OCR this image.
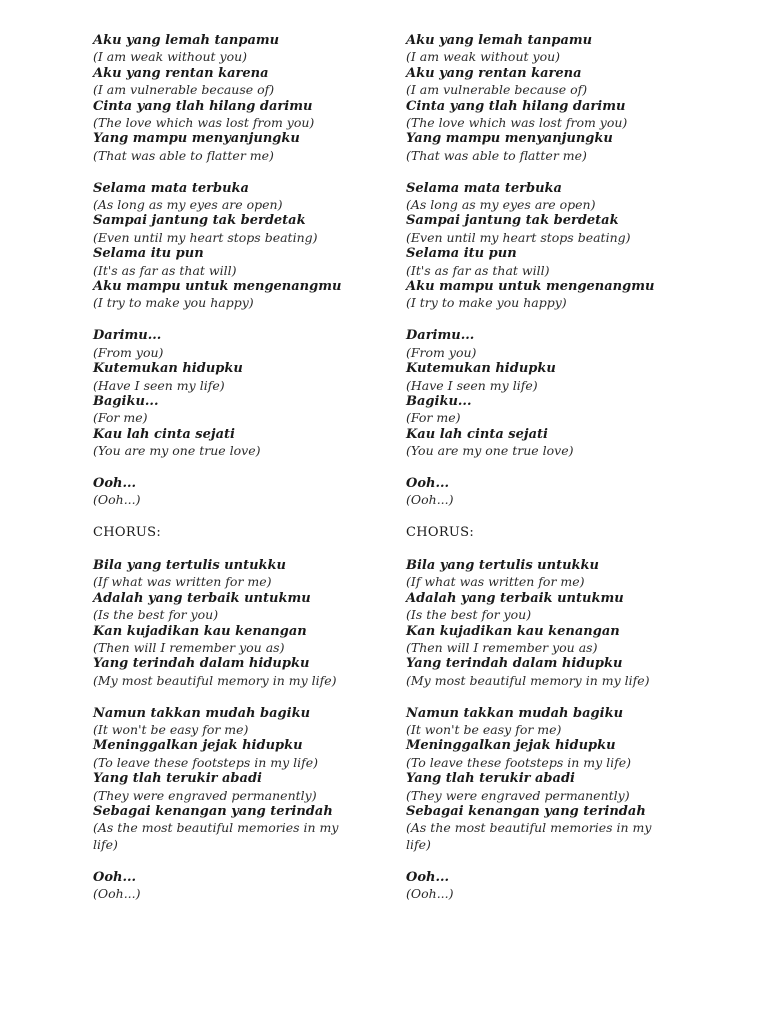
Aku yang lemah tanpamu
(I am weak without you)
Aku yang rentan karena
(I am vulnerable because of)
Cinta yang tlah hilang darimu
(The love which was lost from you)
Yang mampu menyanjungku
(That was able to flatter me)
Selama mata terbuka
(As long as my eyes are open)
Sampai jantung tak berdetak
(Even until my heart stops beating)
Selama itu pun
(It's as far as that will)
Aku mampu untuk mengenangmu
(I try to make you happy)
Darimu...
(From you)
Kutemukan hidupku
(Have I seen my life)
Bagiku...
(For me)
Kau lah cinta sejati
(You are my one true love)
Ooh...
(Ooh...)
CHORUS:
Bila yang tertulis untukku
(If what was written for me)
Adalah yang terbaik untukmu
(Is the best for you)
Kan kujadikan kau kenangan
(Then will I remember you as)
Yang terindah dalam hidupku
(My most beautiful memory in my life)
Namun takkan mudah bagiku
(It won't be easy for me)
Meninggalkan jejak hidupku
(To leave these footsteps in my life)
Yang tlah terukir abadi
(They were engraved permanently)
Sebagai kenangan yang terindah
(As the most beautiful memories in my life)
Ooh...
(Ooh...)
Aku yang lemah tanpamu
(I am weak without you)
Aku yang rentan karena
(I am vulnerable because of)
Cinta yang tlah hilang darimu
(The love which was lost from you)
Yang mampu menyanjungku
(That was able to flatter me)
Selama mata terbuka
(As long as my eyes are open)
Sampai jantung tak berdetak
(Even until my heart stops beating)
Selama itu pun
(It's as far as that will)
Aku mampu untuk mengenangmu
(I try to make you happy)
Darimu...
(From you)
Kutemukan hidupku
(Have I seen my life)
Bagiku...
(For me)
Kau lah cinta sejati
(You are my one true love)
Ooh...
(Ooh...)
CHORUS:
Bila yang tertulis untukku
(If what was written for me)
Adalah yang terbaik untukmu
(Is the best for you)
Kan kujadikan kau kenangan
(Then will I remember you as)
Yang terindah dalam hidupku
(My most beautiful memory in my life)
Namun takkan mudah bagiku
(It won't be easy for me)
Meninggalkan jejak hidupku
(To leave these footsteps in my life)
Yang tlah terukir abadi
(They were engraved permanently)
Sebagai kenangan yang terindah
(As the most beautiful memories in my life)
Ooh...
(Ooh...)
